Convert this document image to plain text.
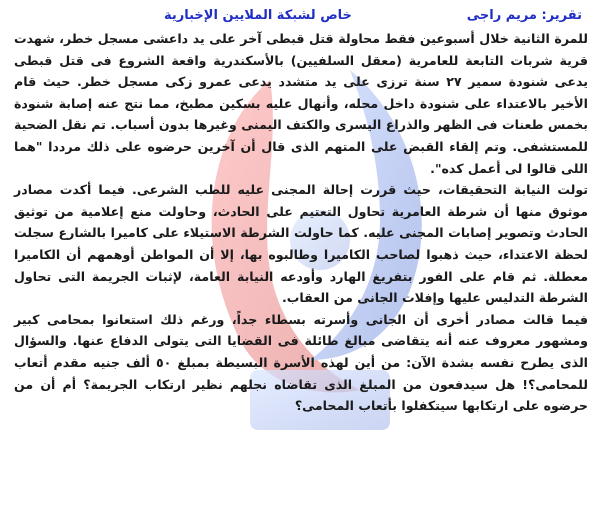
تقرير: مريم راجى
خاص لشبكة الملايين الإخبارية

للمرة الثانية خلال أسبوعين فقط محاولة قتل قبطى آخر على يد داعشى مسجل خطر، شهدت قرية شربات التابعة للعامرية (معقل السلفيين) بالأسكندرية واقعة الشروع فى قتل قبطى يدعى شنودة سمير ٢٧ سنة ترزى على يد متشدد يدعى عمرو زكى مسجل خطر. حيث قام الأخير بالاعتداء على شنودة داخل محله، وأنهال عليه بسكين مطبخ، مما نتج عنه إصابة شنودة بخمس طعنات فى الظهر والذراع اليسرى والكتف اليمنى وغيرها بدون أسباب. تم نقل الضحية للمستشفى. وتم إلقاء القبض على المتهم الذى قال أن آخرين حرضوه على ذلك مرددا "هما اللى قالوا لى أعمل كده".

تولت النيابة التحقيقات، حيث قررت إحالة المجنى عليه للطب الشرعى. فيما أكدت مصادر موثوق منها أن شرطة العامرية تحاول التعتيم على الحادث، وحاولت منع إعلامية من توثيق الحادث وتصوير إصابات المجنى عليه. كما حاولت الشرطة الاستيلاء على كاميرا بالشارع سجلت لحظة الاعتداء، حيث ذهبوا لصاحب الكاميرا وطالبوه بها، إلا أن المواطن أوهمهم أن الكاميرا معطلة. ثم قام على الفور بتفريغ الهارد وأودعه النيابة العامة، لإثبات الجريمة التى تحاول الشرطة التدليس عليها وإفلات الجانى من العقاب.

فيما قالت مصادر أخرى أن الجانى وأسرته بسطاء جداً، ورغم ذلك استعانوا بمحامى كبير ومشهور معروف عنه أنه يتقاضى مبالغ طائلة فى القضايا التى يتولى الدفاع عنها. والسؤال الذى يطرح نفسه بشدة الآن: من أين لهذه الأسرة البسيطة بمبلغ ٥٠ ألف جنيه مقدم أتعاب للمحامى؟! هل سيدفعون من المبلغ الذى تقاضاه نجلهم نظير ارتكاب الجريمة؟ أم أن من حرضوه على ارتكابها سيتكفلوا بأتعاب المحامى؟
